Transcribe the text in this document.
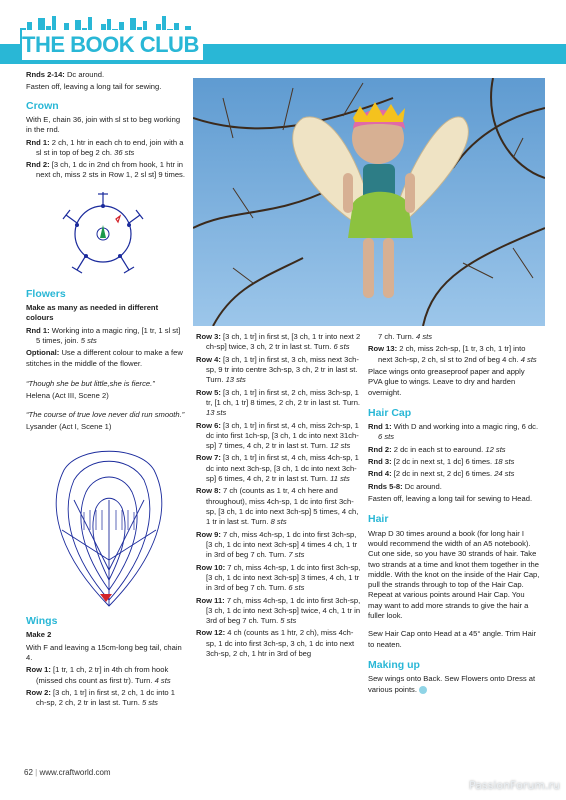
THE BOOK CLUB

Rnds 2-14: Dc around.

Fasten off, leaving a long tail for sewing.

Crown

With E, chain 36, join with sl st to beg working in the rnd.

Rnd 1: 2 ch, 1 htr in each ch to end, join with a sl st in top of beg 2 ch. 36 sts

Rnd 2: [3 ch, 1 dc in 2nd ch from hook, 1 htr in next ch, miss 2 sts in Row 1, 2 sl st] 9 times.

Flowers

Make as many as needed in different colours

Rnd 1: Working into a magic ring, [1 tr, 1 sl st] 5 times, join. 5 sts

Optional: Use a different colour to make a few stitches in the middle of the flower.

“Though she be but little,she is fierce.”

Helena (Act III, Scene 2)

“The course of true love never did run smooth.”

Lysander (Act I, Scene 1)

Wings

Make 2

With F and leaving a 15cm-long beg tail, chain 4.

Row 1: [1 tr, 1 ch, 2 tr] in 4th ch from hook (missed chs count as first tr). Turn. 4 sts

Row 2: [3 ch, 1 tr] in first st, 2 ch, 1 dc into 1 ch-sp, 2 ch, 2 tr in last st. Turn. 5 sts

Row 3: [3 ch, 1 tr] in first st, [3 ch, 1 tr into next 2 ch-sp] twice, 3 ch, 2 tr in last st. Turn. 6 sts

Row 4: [3 ch, 1 tr] in first st, 3 ch, miss next 3ch-sp, 9 tr into centre 3ch-sp, 3 ch, 2 tr in last st. Turn. 13 sts

Row 5: [3 ch, 1 tr] in first st, 2 ch, miss 3ch-sp, 1 tr, [1 ch, 1 tr] 8 times, 2 ch, 2 tr in last st. Turn. 13 sts

Row 6: [3 ch, 1 tr] in first st, 4 ch, miss 2ch-sp, 1 dc into first 1ch-sp, [3 ch, 1 dc into next 31ch-sp] 7 times, 4 ch, 2 tr in last st. Turn. 12 sts

Row 7: [3 ch, 1 tr] in first st, 4 ch, miss 4ch-sp, 1 dc into next 3ch-sp, [3 ch, 1 dc into next 3ch-sp] 6 times, 4 ch, 2 tr in last st. Turn. 11 sts

Row 8: 7 ch (counts as 1 tr, 4 ch here and throughout), miss 4ch-sp, 1 dc into first 3ch-sp, [3 ch, 1 dc into next 3ch-sp] 5 times, 4 ch, 1 tr in last st. Turn. 8 sts

Row 9: 7 ch, miss 4ch-sp, 1 dc into first 3ch-sp, [3 ch, 1 dc into next 3ch-sp] 4 times 4 ch, 1 tr in 3rd of beg 7 ch. Turn. 7 sts

Row 10: 7 ch, miss 4ch-sp, 1 dc into first 3ch-sp, [3 ch, 1 dc into next 3ch-sp] 3 times, 4 ch, 1 tr in 3rd of beg 7 ch. Turn. 6 sts

Row 11: 7 ch, miss 4ch-sp, 1 dc into first 3ch-sp, [3 ch, 1 dc into next 3ch-sp] twice, 4 ch, 1 tr in 3rd of beg 7 ch. Turn. 5 sts

Row 12: 4 ch (counts as 1 htr, 2 ch), miss 4ch-sp, 1 dc into first 3ch-sp, 3 ch, 1 dc into next 3ch-sp, 2 ch, 1 htr in 3rd of beg

7 ch. Turn. 4 sts

Row 13: 2 ch, miss 2ch-sp, [1 tr, 3 ch, 1 tr] into next 3ch-sp, 2 ch, sl st to 2nd of beg 4 ch. 4 sts

Place wings onto greaseproof paper and apply PVA glue to wings. Leave to dry and harden overnight.

Hair Cap

Rnd 1: With D and working into a magic ring, 6 dc. 6 sts

Rnd 2: 2 dc in each st to earound. 12 sts

Rnd 3: [2 dc in next st, 1 dc] 6 times. 18 sts

Rnd 4: [2 dc in next st, 2 dc] 6 times. 24 sts

Rnds 5-8: Dc around.

Fasten off, leaving a long tail for sewing to Head.

Hair

Wrap D 30 times around a book (for long hair I would recommend the width of an A5 notebook). Cut one side, so you have 30 strands of hair. Take two strands at a time and knot them together in the middle. With the knot on the inside of the Hair Cap, pull the strands through to top of the Hair Cap. Repeat at various points around Hair Cap. You may want to add more strands to give the hair a fuller look.

Sew Hair Cap onto Head at a 45° angle. Trim Hair to neaten.

Making up

Sew wings onto Back. Sew Flowers onto Dress at various points.

62 | www.craftworld.com
PassionForum.ru
